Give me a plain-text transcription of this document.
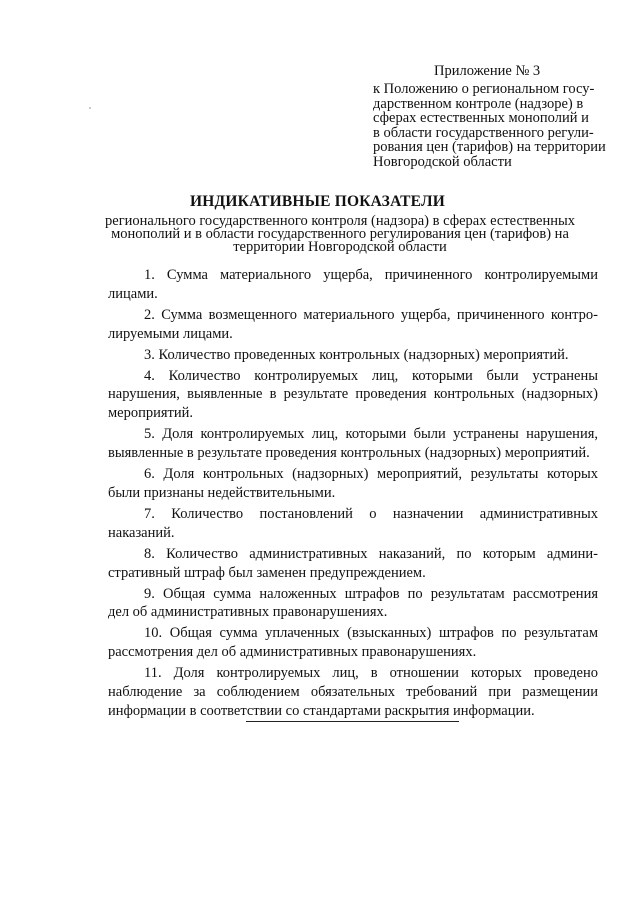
Приложение № 3
к Положению о региональном госу-
дарственном контроле (надзоре) в
сферах естественных монополий и
в области государственного регули-
рования цен (тарифов) на территории
Новгородской области
ИНДИКАТИВНЫЕ ПОКАЗАТЕЛИ
регионального государственного контроля (надзора) в сферах естественных
монополий и в области государственного регулирования цен (тарифов) на
территории Новгородской области
1. Сумма материального ущерба, причиненного контролируемыми
лицами.
2. Сумма возмещенного материального ущерба, причиненного контро-
лируемыми лицами.
3. Количество проведенных контрольных (надзорных) мероприятий.
4. Количество контролируемых лиц, которыми были устранены
нарушения, выявленные в результате проведения контрольных (надзорных)
мероприятий.
5. Доля контролируемых лиц, которыми были устранены нарушения,
выявленные в результате проведения контрольных (надзорных) мероприятий.
6. Доля контрольных (надзорных) мероприятий, результаты которых
были признаны недействительными.
7. Количество постановлений о назначении административных
наказаний.
8. Количество административных наказаний, по которым админи-
стративный штраф был заменен предупреждением.
9. Общая сумма наложенных штрафов по результатам рассмотрения
дел об административных правонарушениях.
10. Общая сумма уплаченных (взысканных) штрафов по результатам
рассмотрения дел об административных правонарушениях.
11. Доля контролируемых лиц, в отношении которых проведено
наблюдение за соблюдением обязательных требований при размещении
информации в соответствии со стандартами раскрытия информации.
